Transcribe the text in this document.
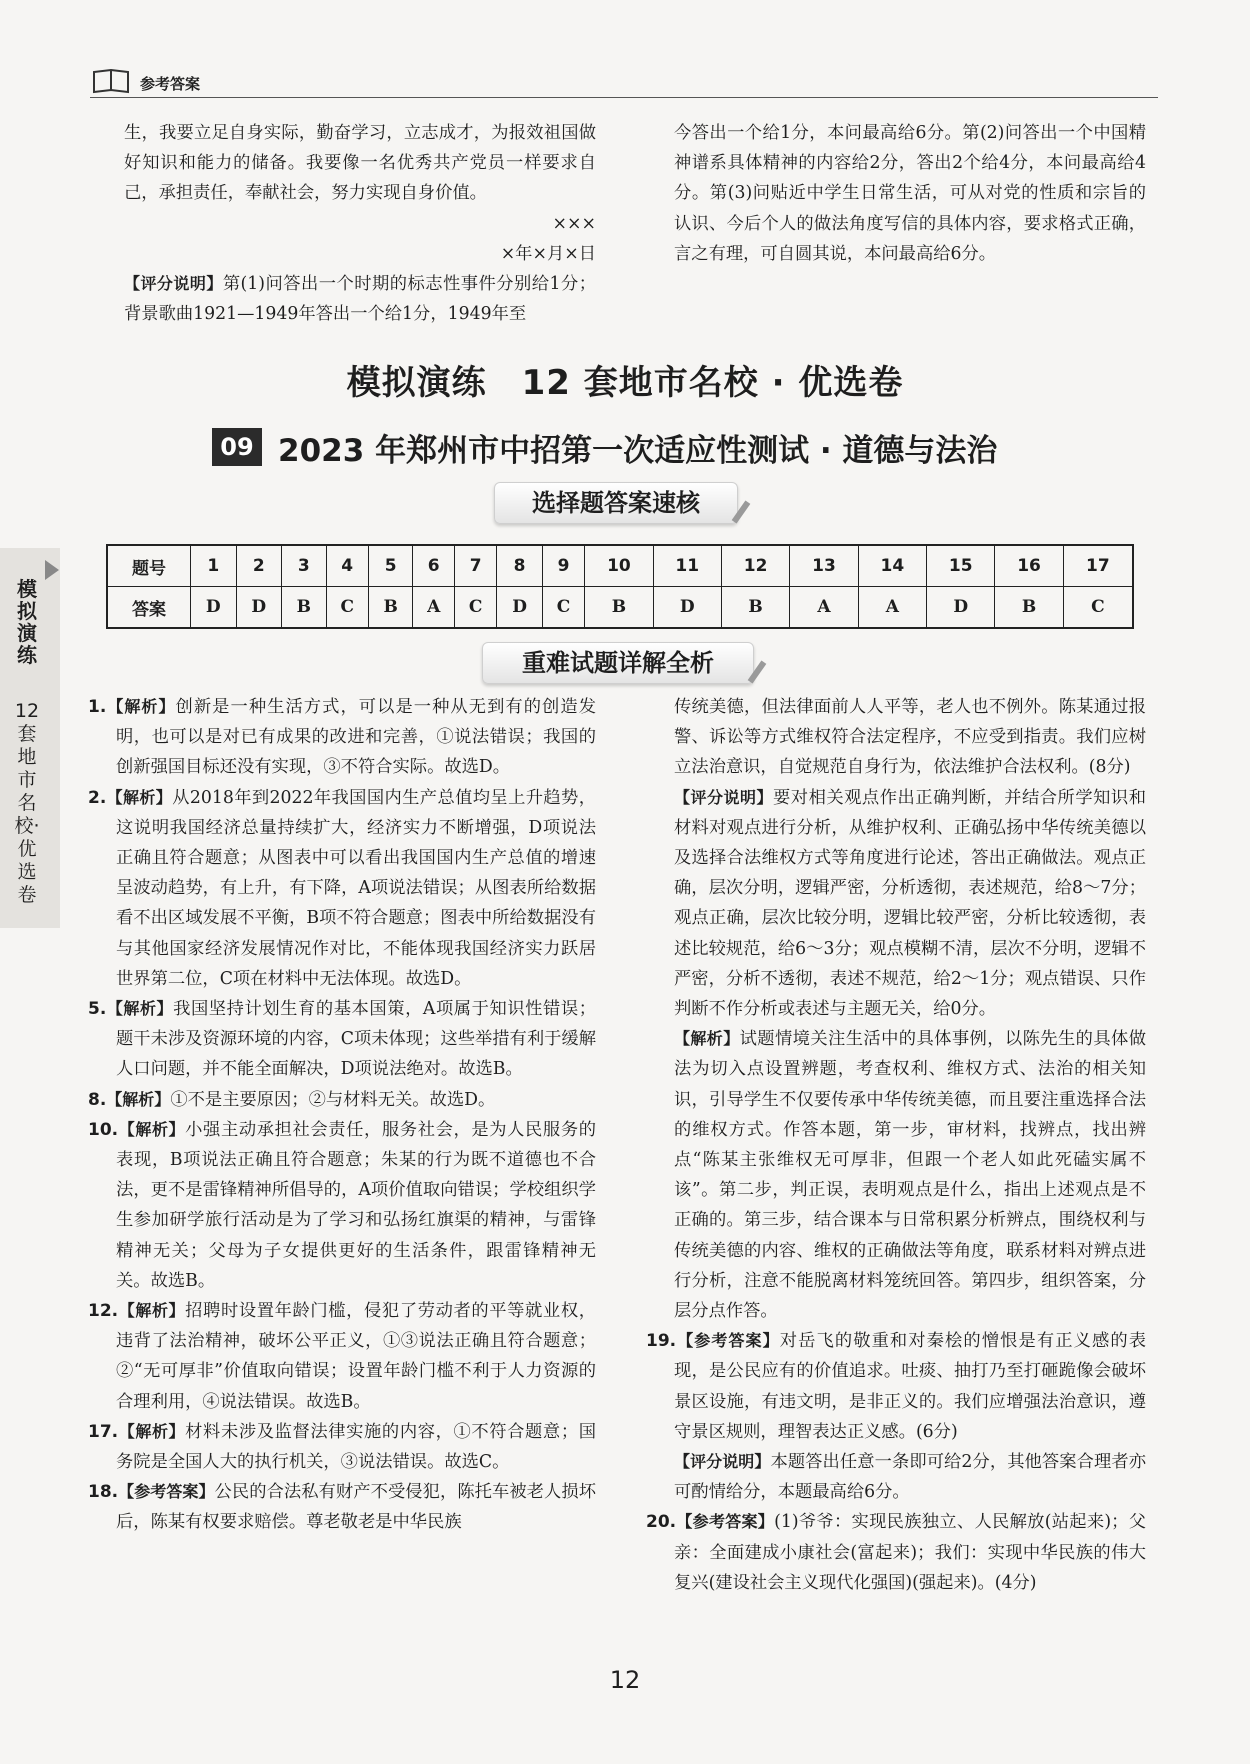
参考答案

生，我要立足自身实际，勤奋学习，立志成才，为报效祖国做好知识和能力的储备。我要像一名优秀共产党员一样要求自己，承担责任，奉献社会，努力实现自身价值。

×××

×年×月×日

【评分说明】第(1)问答出一个时期的标志性事件分别给1分；背景歌曲1921—1949年答出一个给1分，1949年至

今答出一个给1分，本问最高给6分。第(2)问答出一个中国精神谱系具体精神的内容给2分，答出2个给4分，本问最高给4分。第(3)问贴近中学生日常生活，可从对党的性质和宗旨的认识、今后个人的做法角度写信的具体内容，要求格式正确，言之有理，可自圆其说，本问最高给6分。

模拟演练　12 套地市名校 · 优选卷
09 2023 年郑州市中招第一次适应性测试 · 道德与法治
选择题答案速核
题号	1	2	3	4	5	6	7	8	9	10	11	12	13	14	15	16	17
答案	D	D	B	C	B	A	C	D	C	B	D	B	A	A	D	B	C
重难试题详解全析
模拟演练
12套地市名校·优选卷

1.【解析】创新是一种生活方式，可以是一种从无到有的创造发明，也可以是对已有成果的改进和完善，①说法错误；我国的创新强国目标还没有实现，③不符合实际。故选D。

2.【解析】从2018年到2022年我国国内生产总值均呈上升趋势，这说明我国经济总量持续扩大，经济实力不断增强，D项说法正确且符合题意；从图表中可以看出我国国内生产总值的增速呈波动趋势，有上升，有下降，A项说法错误；从图表所给数据看不出区域发展不平衡，B项不符合题意；图表中所给数据没有与其他国家经济发展情况作对比，不能体现我国经济实力跃居世界第二位，C项在材料中无法体现。故选D。

5.【解析】我国坚持计划生育的基本国策，A项属于知识性错误；题干未涉及资源环境的内容，C项未体现；这些举措有利于缓解人口问题，并不能全面解决，D项说法绝对。故选B。

8.【解析】①不是主要原因；②与材料无关。故选D。

10.【解析】小强主动承担社会责任，服务社会，是为人民服务的表现，B项说法正确且符合题意；朱某的行为既不道德也不合法，更不是雷锋精神所倡导的，A项价值取向错误；学校组织学生参加研学旅行活动是为了学习和弘扬红旗渠的精神，与雷锋精神无关；父母为子女提供更好的生活条件，跟雷锋精神无关。故选B。

12.【解析】招聘时设置年龄门槛，侵犯了劳动者的平等就业权，违背了法治精神，破坏公平正义，①③说法正确且符合题意；②“无可厚非”价值取向错误；设置年龄门槛不利于人力资源的合理利用，④说法错误。故选B。

17.【解析】材料未涉及监督法律实施的内容，①不符合题意；国务院是全国人大的执行机关，③说法错误。故选C。

18.【参考答案】公民的合法私有财产不受侵犯，陈托车被老人损坏后，陈某有权要求赔偿。尊老敬老是中华民族

传统美德，但法律面前人人平等，老人也不例外。陈某通过报警、诉讼等方式维权符合法定程序，不应受到指责。我们应树立法治意识，自觉规范自身行为，依法维护合法权利。(8分)

【评分说明】要对相关观点作出正确判断，并结合所学知识和材料对观点进行分析，从维护权利、正确弘扬中华传统美德以及选择合法维权方式等角度进行论述，答出正确做法。观点正确，层次分明，逻辑严密，分析透彻，表述规范，给8～7分；观点正确，层次比较分明，逻辑比较严密，分析比较透彻，表述比较规范，给6～3分；观点模糊不清，层次不分明，逻辑不严密，分析不透彻，表述不规范，给2～1分；观点错误、只作判断不作分析或表述与主题无关，给0分。

【解析】试题情境关注生活中的具体事例，以陈先生的具体做法为切入点设置辨题，考查权利、维权方式、法治的相关知识，引导学生不仅要传承中华传统美德，而且要注重选择合法的维权方式。作答本题，第一步，审材料，找辨点，找出辨点“陈某主张维权无可厚非，但跟一个老人如此死磕实属不该”。第二步，判正误，表明观点是什么，指出上述观点是不正确的。第三步，结合课本与日常积累分析辨点，围绕权利与传统美德的内容、维权的正确做法等角度，联系材料对辨点进行分析，注意不能脱离材料笼统回答。第四步，组织答案，分层分点作答。

19.【参考答案】对岳飞的敬重和对秦桧的憎恨是有正义感的表现，是公民应有的价值追求。吐痰、抽打乃至打砸跪像会破坏景区设施，有违文明，是非正义的。我们应增强法治意识，遵守景区规则，理智表达正义感。(6分)

【评分说明】本题答出任意一条即可给2分，其他答案合理者亦可酌情给分，本题最高给6分。

20.【参考答案】(1)爷爷：实现民族独立、人民解放(站起来)；父亲：全面建成小康社会(富起来)；我们：实现中华民族的伟大复兴(建设社会主义现代化强国)(强起来)。(4分)

12
